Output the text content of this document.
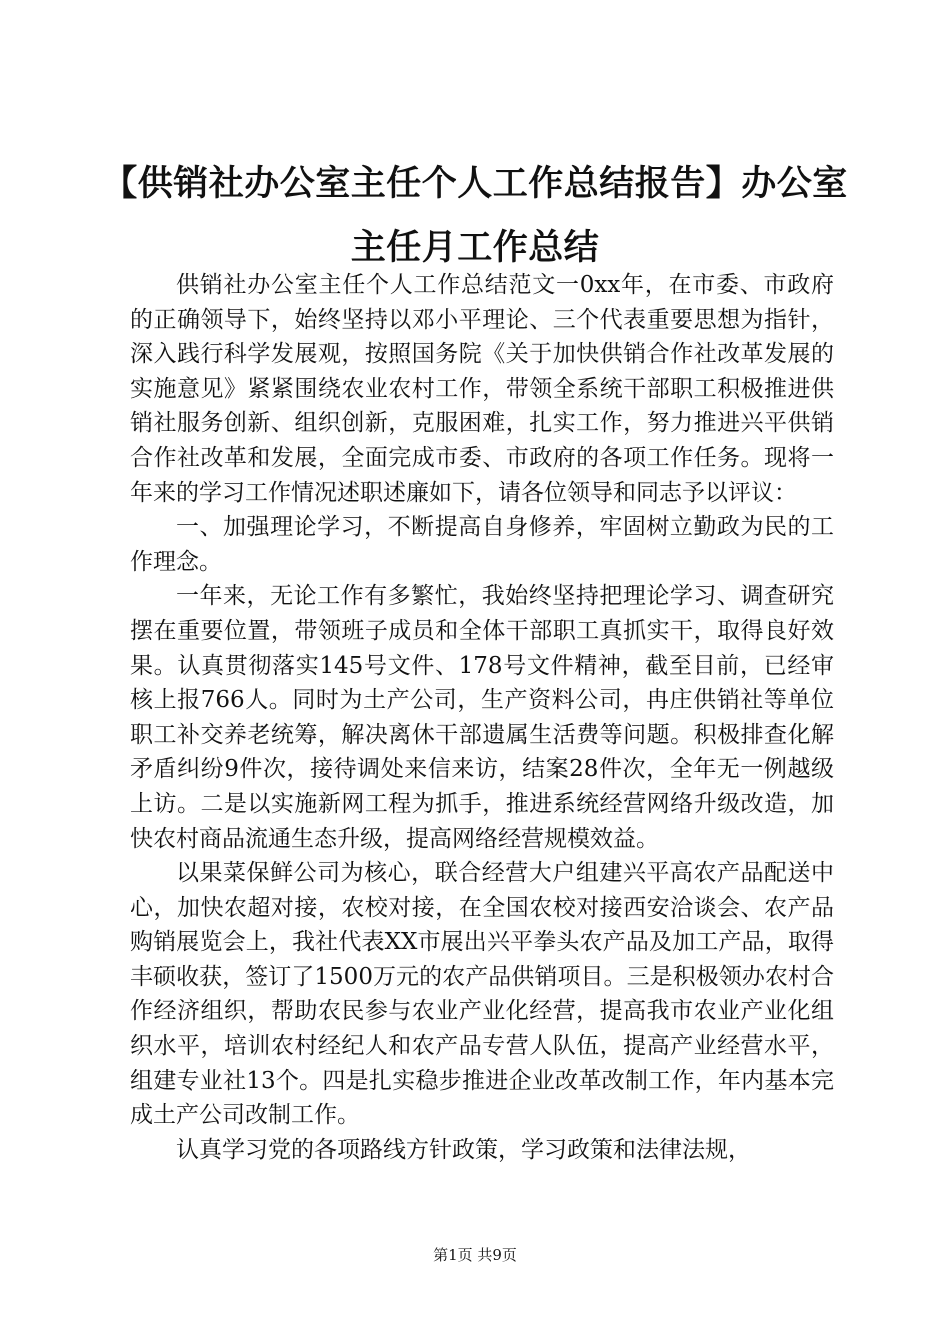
【供销社办公室主任个人工作总结报告】办公室主任月工作总结

供销社办公室主任个人工作总结范文一0xx年，在市委、市政府的正确领导下，始终坚持以邓小平理论、三个代表重要思想为指针，深入践行科学发展观，按照国务院《关于加快供销合作社改革发展的实施意见》紧紧围绕农业农村工作，带领全系统干部职工积极推进供销社服务创新、组织创新，克服困难，扎实工作，努力推进兴平供销合作社改革和发展，全面完成市委、市政府的各项工作任务。现将一年来的学习工作情况述职述廉如下，请各位领导和同志予以评议：

一、加强理论学习，不断提高自身修养，牢固树立勤政为民的工作理念。

一年来，无论工作有多繁忙，我始终坚持把理论学习、调查研究摆在重要位置，带领班子成员和全体干部职工真抓实干，取得良好效果。认真贯彻落实145号文件、178号文件精神，截至目前，已经审核上报766人。同时为土产公司，生产资料公司，冉庄供销社等单位职工补交养老统筹，解决离休干部遗属生活费等问题。积极排查化解矛盾纠纷9件次，接待调处来信来访，结案28件次，全年无一例越级上访。二是以实施新网工程为抓手，推进系统经营网络升级改造，加快农村商品流通生态升级，提高网络经营规模效益。

以果菜保鲜公司为核心，联合经营大户组建兴平高农产品配送中心，加快农超对接，农校对接，在全国农校对接西安洽谈会、农产品购销展览会上，我社代表XX市展出兴平拳头农产品及加工产品，取得丰硕收获，签订了1500万元的农产品供销项目。三是积极领办农村合作经济组织，帮助农民参与农业产业化经营，提高我市农业产业化组织水平，培训农村经纪人和农产品专营人队伍，提高产业经营水平，组建专业社13个。四是扎实稳步推进企业改革改制工作，年内基本完成土产公司改制工作。

认真学习党的各项路线方针政策，学习政策和法律法规，

第1页 共9页
